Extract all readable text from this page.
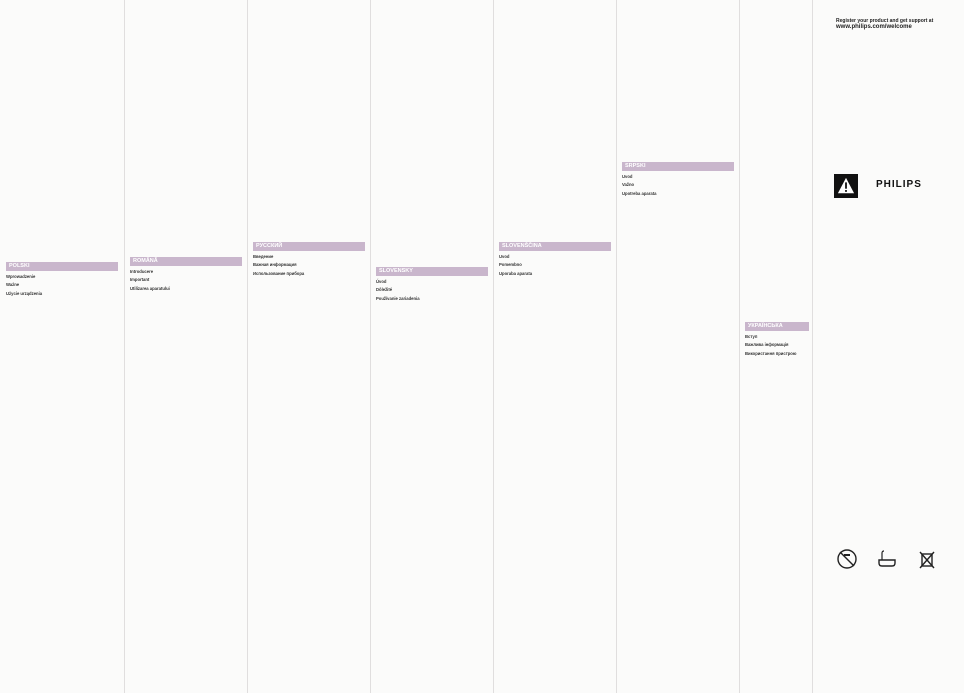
POLSKI
Wprowadzenie
Ważne
Użycie urządzenia
ROMÂNĂ
Introducere
Important
Utilizarea aparatului
РУССКИЙ
Введение
Важная информация
Использование прибора	SLOVENSKY
Úvod
Dôležité
Používanie zariadenia
SLOVENŠČINA
Uvod
Pomembno
Uporaba aparata
SRPSKI
Uvod
Važno
Upotreba aparata
УКРАЇНСЬКА
Вступ
Важлива інформація
Використання пристрою
Register your product and get support at
www.philips.com/welcome
PHILIPS
